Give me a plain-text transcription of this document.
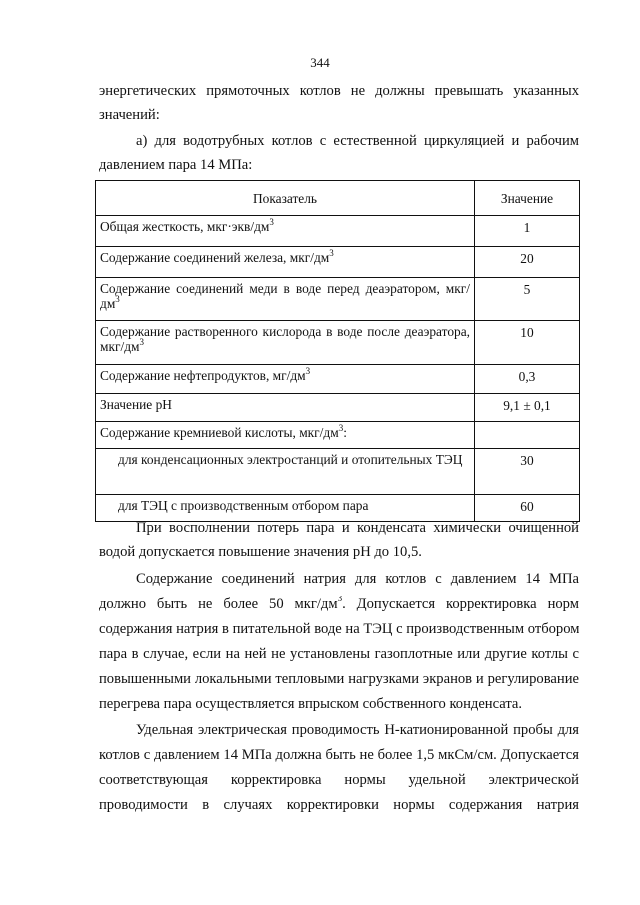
344
энергетических прямоточных котлов не должны превышать указанных
значений:
а) для водотрубных котлов с естественной циркуляцией и рабочим
давлением пара 14 МПа:
Показатель	Значение
Общая жесткость, $мкг\cdot экв/дм^3$	1
Содержание соединений железа, мкг/$дм^3$	20
Содержание соединений меди в воде перед деаэратором, мкг/$дм^3$	5
Содержание растворенного кислорода в воде после деаэратора, мкг/$дм^3$	10
Содержание нефтепродуктов, $мг/дм^3$	0,3
Значение pH	9,1 ± 0,1
Содержание кремниевой кислоты, мкг/$дм^3$:	
для конденсационных электростанций и отопительных ТЭЦ	30
для ТЭЦ с производственным отбором пара	60
При восполнении потерь пара и конденсата химически очищенной
водой допускается повышение значения pH до 10,5.
Содержание соединений натрия для котлов с давлением 14 МПа
должно быть не более 50 мкг/$дм^3$. Допускается корректировка норм
содержания натрия в питательной воде на ТЭЦ с производственным отбором
пара в случае, если на ней не установлены газоплотные или другие котлы с
повышенными локальными тепловыми нагрузками экранов и регулирование
перегрева пара осуществляется впрыском собственного конденсата.
Удельная электрическая проводимость H-катионированной пробы для
котлов с давлением 14 МПа должна быть не более 1,5 мкСм/см. Допускается
соответствующая корректировка нормы удельной электрической
проводимости в случаях корректировки нормы содержания натрия
